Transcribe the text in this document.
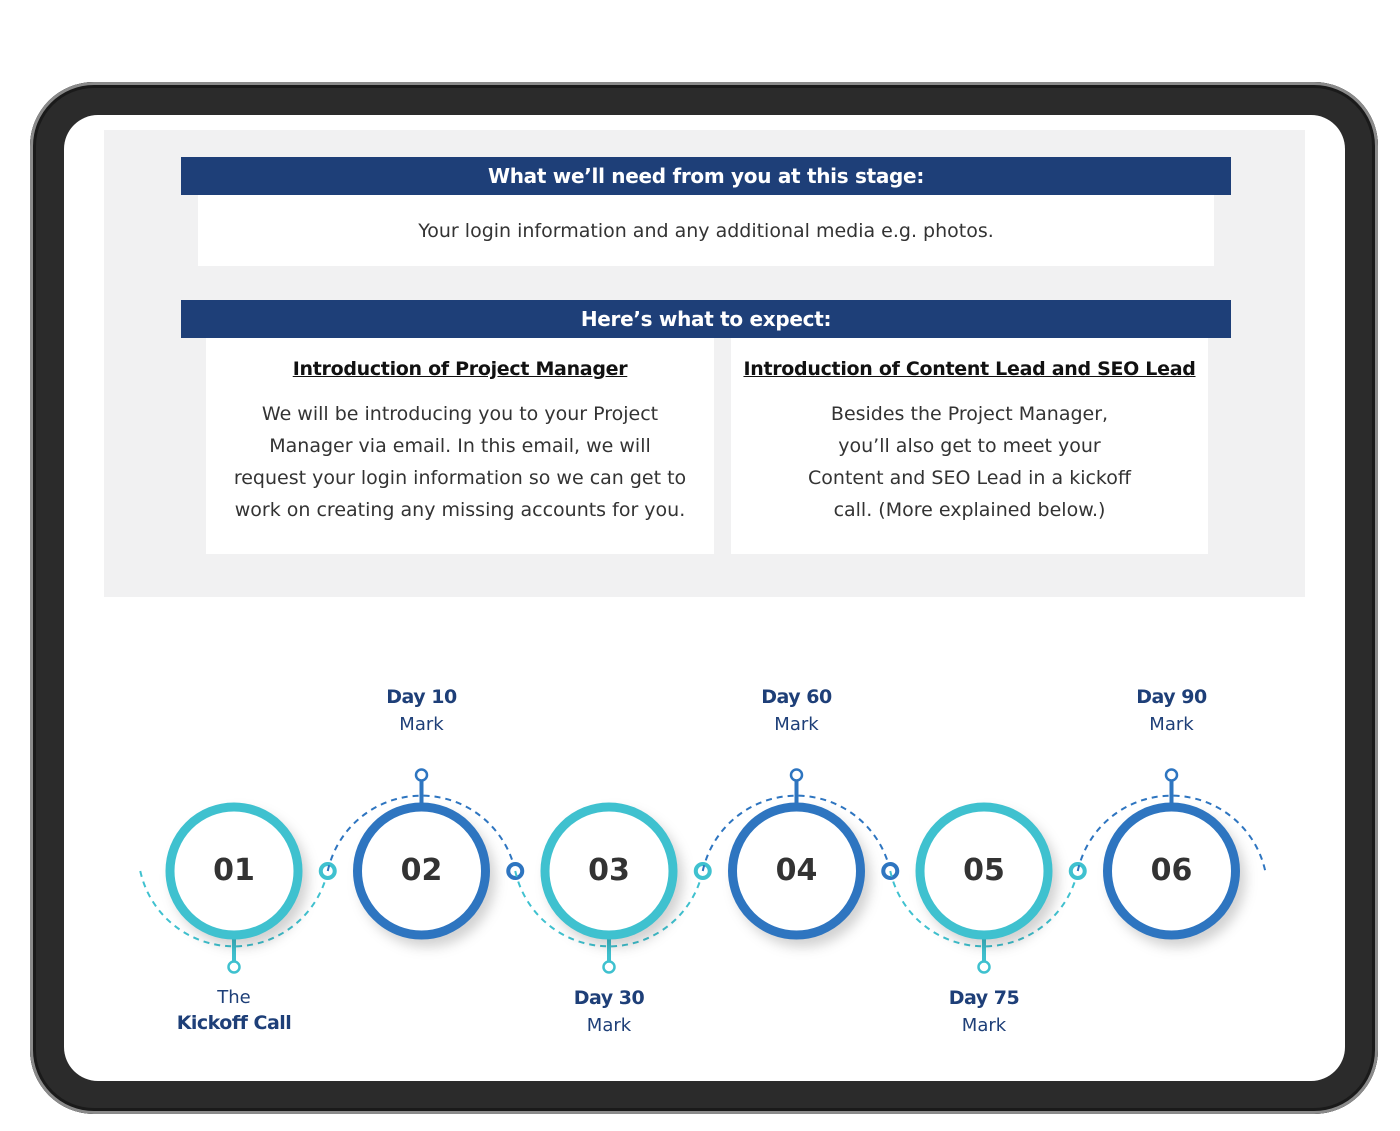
What we’ll need from you at this stage:
Your login information and any additional media e.g. photos.
Here’s what to expect:
Introduction of Project Manager
We will be introducing you to your Project
Manager via email. In this email, we will
request your login information so we can get to
work on creating any missing accounts for you.
Introduction of Content Lead and SEO Lead
Besides the Project Manager,
you’ll also get to meet your
Content and SEO Lead in a kickoff
call. (More explained below.)
01
The
Kickoff Call
02
Day 10
Mark
03
Day 30
Mark
04
Day 60
Mark
05
Day 75
Mark
06
Day 90
Mark
